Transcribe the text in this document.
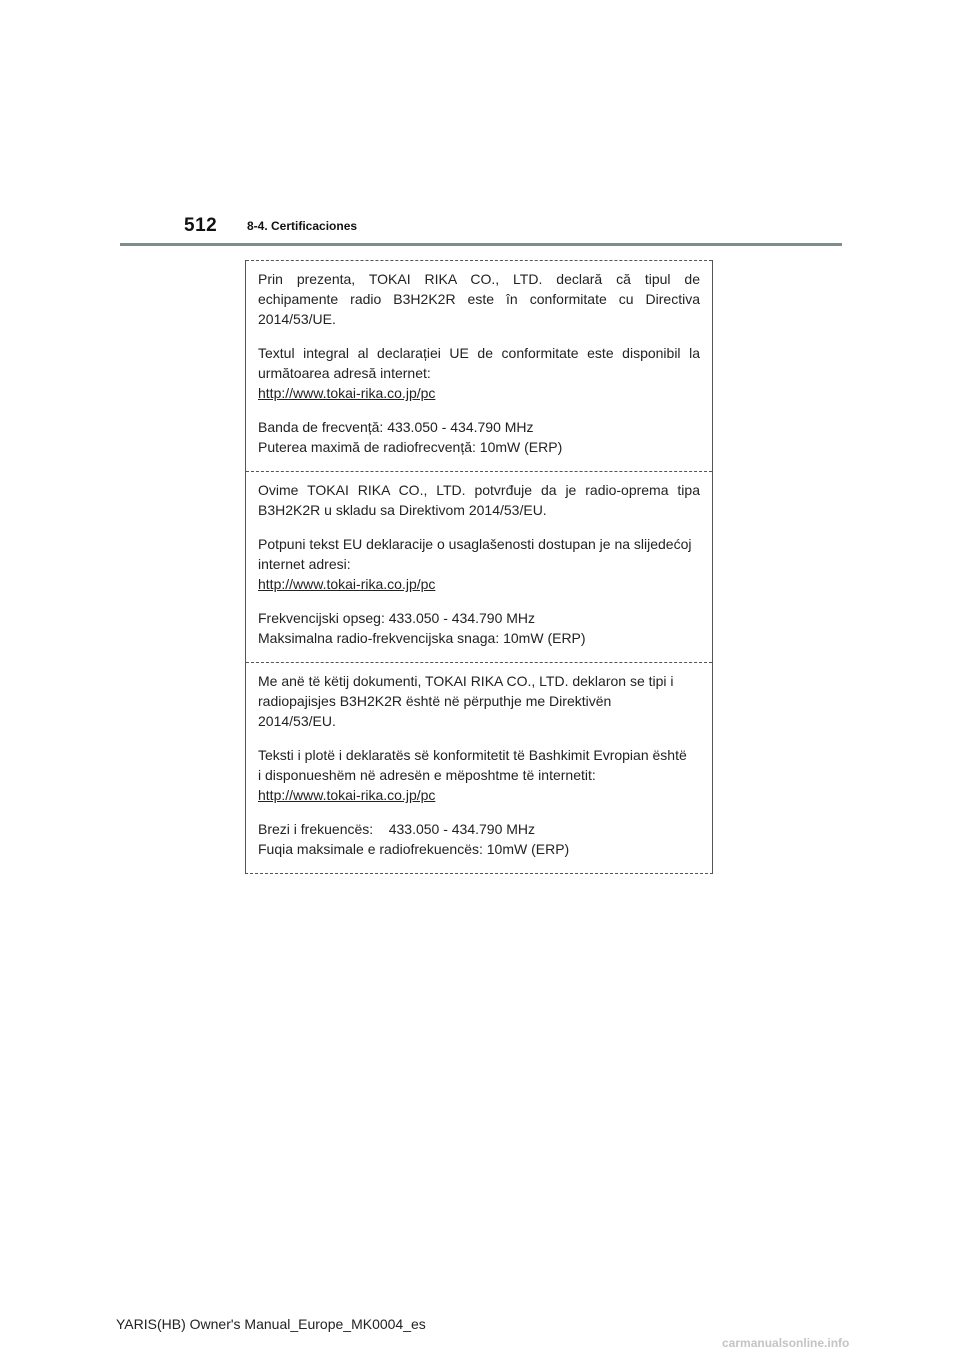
512 8-4. Certificaciones

Prin prezenta, TOKAI RIKA CO., LTD. declară că tipul de

echipamente radio B3H2K2R este în conformitate cu Directiva

2014/53/UE.

Textul integral al declarației UE de conformitate este disponibil la

următoarea adresă internet:

http://www.tokai-rika.co.jp/pc

Banda de frecvență: 433.050 - 434.790 MHz

Puterea maximă de radiofrecvență: 10mW (ERP)

Ovime TOKAI RIKA CO., LTD. potvrđuje da je radio-oprema tipa

B3H2K2R u skladu sa Direktivom 2014/53/EU.

Potpuni tekst EU deklaracije o usaglašenosti dostupan je na slijedećoj

internet adresi:

http://www.tokai-rika.co.jp/pc

Frekvencijski opseg: 433.050 - 434.790 MHz

Maksimalna radio-frekvencijska snaga: 10mW (ERP)

Me anë të këtij dokumenti, TOKAI RIKA CO., LTD. deklaron se tipi i

radiopajisjes B3H2K2R është në përputhje me Direktivën

2014/53/EU.

Teksti i plotë i deklaratës së konformitetit të Bashkimit Evropian është

i disponueshëm në adresën e mëposhtme të internetit:

http://www.tokai-rika.co.jp/pc

Brezi i frekuencës:    433.050 - 434.790 MHz

Fuqia maksimale e radiofrekuencës: 10mW (ERP)

YARIS(HB) Owner's Manual_Europe_MK0004_es
carmanualsonline.info
